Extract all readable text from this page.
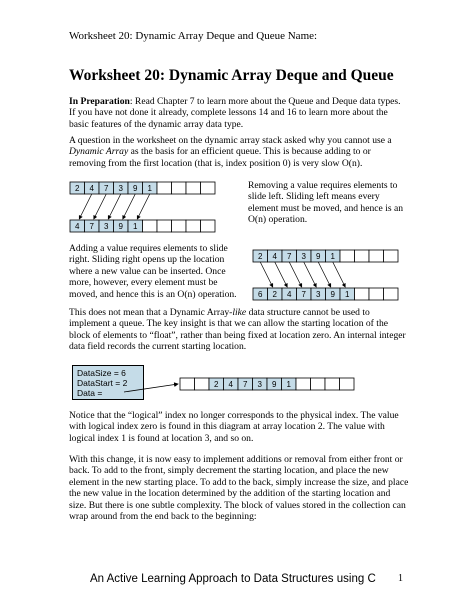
Worksheet 20: Dynamic Array Deque and Queue Name:
Worksheet 20: Dynamic Array Deque and Queue

In Preparation: Read Chapter 7 to learn more about the Queue and Deque data types. If you have not done it already, complete lessons 14 and 16 to learn more about the basic features of the dynamic array data type.

A question in the worksheet on the dynamic array stack asked why you cannot use a Dynamic Array as the basis for an efficient queue. This is because adding to or removing from the first location (that is, index position 0) is very slow O(n).

2 4 7 3 9 1
4 7 3 9 1

Removing a value requires elements to slide left. Sliding left means every element must be moved, and hence is an O(n) operation.

Adding a value requires elements to slide right. Sliding right opens up the location where a new value can be inserted. Once more, however, every element must be moved, and hence this is an O(n) operation.

2 4 7 3 9 1
6 2 4 7 3 9 1

This does not mean that a Dynamic Array-like data structure cannot be used to implement a queue. The key insight is that we can allow the starting location of the block of elements to “float”, rather than being fixed at location zero. An internal integer data field records the current starting location.

DataSize = 6
DataStart = 2
Data =
2 4 7 3 9 1

Notice that the “logical” index no longer corresponds to the physical index. The value with logical index zero is found in this diagram at array location 2. The value with logical index 1 is found at location 3, and so on.

With this change, it is now easy to implement additions or removal from either front or back. To add to the front, simply decrement the starting location, and place the new element in the new starting place. To add to the back, simply increase the size, and place the new value in the location determined by the addition of the starting location and size. But there is one subtle complexity. The block of values stored in the collection can wrap around from the end back to the beginning:

An Active Learning Approach to Data Structures using C 1
